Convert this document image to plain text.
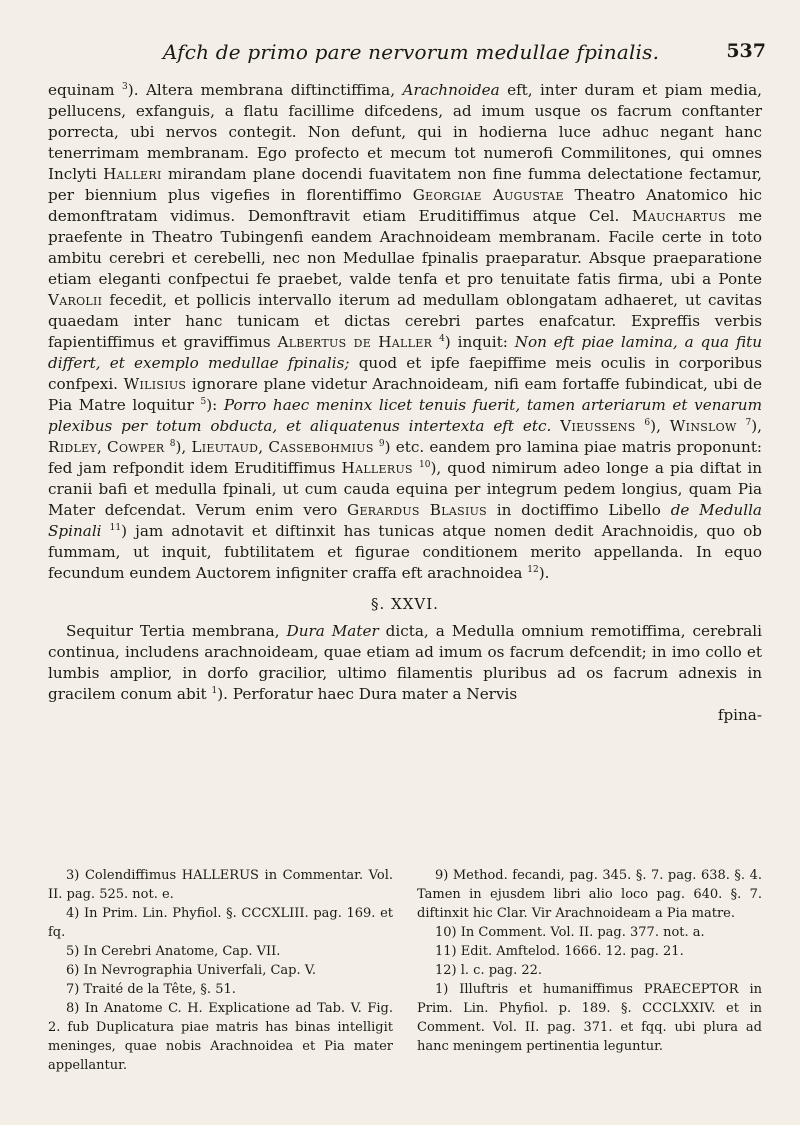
Afch de primo pare nervorum medullae fpinalis.	537

equinam $^3$). Altera membrana diftinctiffima, Arachnoidea eft, inter duram et piam media, pellucens, exfanguis, a flatu facillime difcedens, ad imum usque os facrum conftanter porrecta, ubi nervos contegit. Non defunt, qui in hodierna luce adhuc negant hanc tenerrimam membranam. Ego profecto et mecum tot numerofi Commilitones, qui omnes Inclyti Halleri mirandam plane docendi fuavitatem non fine fumma delectatione fectamur, per biennium plus vigefies in florentiffimo Georgiae Augustae Theatro Anatomico hic demonftratam vidimus. Demonftravit etiam Eruditiffimus atque Cel. Mauchartus me praefente in Theatro Tubingenfi eandem Arachnoideam membranam. Facile certe in toto ambitu cerebri et cerebelli, nec non Medullae fpinalis praeparatur. Absque praeparatione etiam eleganti confpectui fe praebet, valde tenfa et pro tenuitate fatis firma, ubi a Ponte Varolii fecedit, et pollicis intervallo iterum ad medullam oblongatam adhaeret, ut cavitas quaedam inter hanc tunicam et dictas cerebri partes enafcatur. Expreffis verbis fapientiffimus et graviffimus Albertus de Haller $^4$) inquit: Non eft piae lamina, a qua fitu differt, et exemplo medullae fpinalis; quod et ipfe faepiffime meis oculis in corporibus confpexi. Wilisius ignorare plane videtur Arachnoideam, nifi eam fortaffe fubindicat, ubi de Pia Matre loquitur $^5$): Porro haec meninx licet tenuis fuerit, tamen arteriarum et venarum plexibus per totum obducta, et aliquatenus intertexta eft etc. Vieussens $^6$), Winslow $^7$), Ridley, Cowper $^8$), Lieutaud, Cassebohmius $^9$) etc. eandem pro lamina piae matris proponunt: fed jam refpondit idem Eruditiffimus Hallerus $^{10}$), quod nimirum adeo longe a pia diftat in cranii bafi et medulla fpinali, ut cum cauda equina per integrum pedem longius, quam Pia Mater defcendat. Verum enim vero Gerardus Blasius in doctiffimo Libello de Medulla Spinali $^{11}$) jam adnotavit et diftinxit has tunicas atque nomen dedit Arachnoidis, quo ob fummam, ut inquit, fubtilitatem et figurae conditionem merito appellanda. In equo fecundum eundem Auctorem infigniter craffa eft arachnoidea $^{12}$).

§. XXVI.

Sequitur Tertia membrana, Dura Mater dicta, a Medulla omnium remotiffima, cerebrali continua, includens arachnoideam, quae etiam ad imum os facrum defcendit; in imo collo et lumbis amplior, in dorfo gracilior, ultimo filamentis pluribus ad os facrum adnexis in gracilem conum abit $^1$). Perforatur haec Dura mater a Nervis

fpina-

3) Colendiffimus HALLERUS in Commentar. Vol. II. pag. 525. not. e.

4) In Prim. Lin. Phyfiol. §. CCCXLIII. pag. 169. et fq.

5) In Cerebri Anatome, Cap. VII.

6) In Nevrographia Univerfali, Cap. V.

7) Traité de la Tête, §. 51.

8) In Anatome C. H. Explicatione ad Tab. V. Fig. 2. fub Duplicatura piae matris has binas intelligit meninges, quae nobis Arachnoidea et Pia mater appellantur.

9) Method. fecandi, pag. 345. §. 7. pag. 638. §. 4. Tamen in ejusdem libri alio loco pag. 640. §. 7. diftinxit hic Clar. Vir Arachnoideam a Pia matre.

10) In Comment. Vol. II. pag. 377. not. a.

11) Edit. Amftelod. 1666. 12. pag. 21.

12) l. c. pag. 22.

1) Illuftris et humaniffimus PRAECEPTOR in Prim. Lin. Phyfiol. p. 189. §. CCCLXXIV. et in Comment. Vol. II. pag. 371. et fqq. ubi plura ad hanc meningem pertinentia leguntur.
